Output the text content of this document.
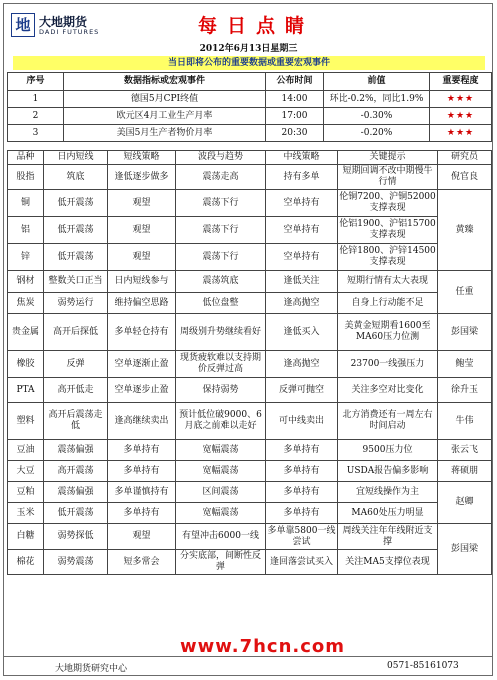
地 大地期货
DADI FUTURES	每日点睛
2012年6月13日星期三
当日即将公布的重要数据或重要宏观事件
序号	数据指标或宏观事件	公布时间	前值	重要程度
1	德国5月CPI终值	14:00	环比-0.2%，同比1.9%	★★★
2	欧元区4月工业生产月率	17:00	-0.30%	★★★
3	美国5月生产者物价月率	20:30	-0.20%	★★★
品种	日内短线	短线策略	波段与趋势	中线策略	关键提示	研究员
股指	筑底	逢低逐步做多	震荡走高	持有多单	短期回调不改中期慢牛行情	倪官良
铜	低开震荡	观望	震荡下行	空单持有	伦铜7200、沪铜52000支撑表现	黄臻
铝	低开震荡	观望	震荡下行	空单持有	伦铝1900、沪铝15700支撑表现	
锌	低开震荡	观望	震荡下行	空单持有	伦锌1800、沪锌14500支撑表现	
钢材	整数关口正当	日内短线参与	震荡筑底	逢低关注	短期行情有太大表现	任重
焦炭	弱势运行	维持偏空思路	低位盘整	逢高抛空	自身上行动能不足	
贵金属	高开后探低	多单轻仓持有	周级别升势继续看好	逢低买入	美黄金短期看1600至MA60压力位测	彭国梁
橡胶	反弹	空单逐渐止盈	现货疲软难以支持期价反弹过高	逢高抛空	23700一线强压力	鲍莹
PTA	高开低走	空单逐步止盈	保持弱势	反弹可抛空	关注多空对比变化	徐升玉
塑料	高开后震荡走低	逢高继续卖出	预计低位破9000、6月底之前难以走好	可中线卖出	北方消费还有一周左右时间启动	牛伟
豆油	震荡偏强	多单持有	宽幅震荡	多单持有	9500压力位	张云飞
大豆	高开震荡	多单持有	宽幅震荡	多单持有	USDA报告偏多影响	蒋硕朋
豆粕	震荡偏强	多单谨慎持有	区间震荡	多单持有	宜短线操作为主	赵卿
玉米	低开震荡	多单持有	宽幅震荡	多单持有	MA60处压力明显	
白糖	弱势探低	观望	有望冲击6000一线	多单靠5800一线尝试	周线关注年年线附近支撑	彭国梁
棉花	弱势震荡	短多常会	分实底部，间断性反弹	逢回落尝试买入	关注MA5支撑位表现	
大地期货研究中心	0571-85161073
www.7hcn.com
